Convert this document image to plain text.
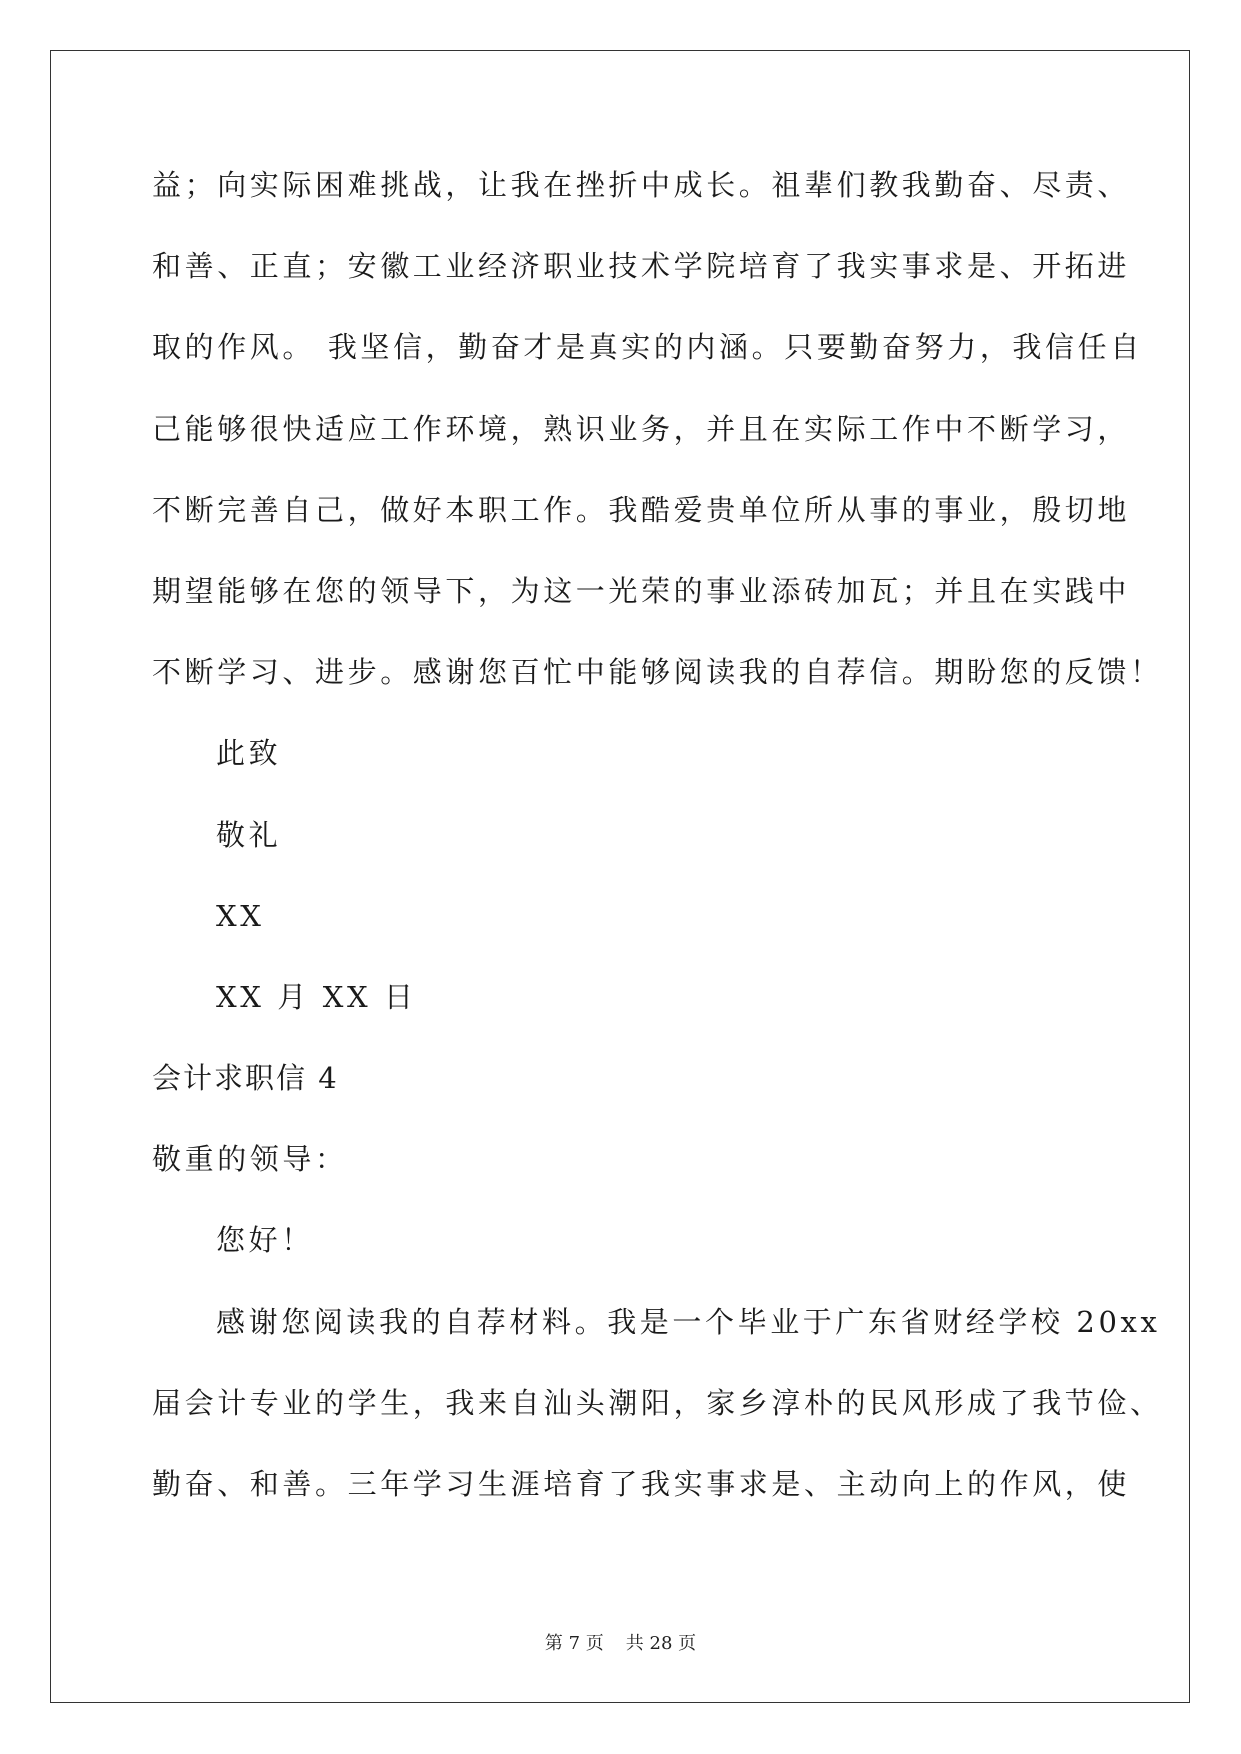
益；向实际困难挑战，让我在挫折中成长。祖辈们教我勤奋、尽责、
和善、正直；安徽工业经济职业技术学院培育了我实事求是、开拓进
取的作风。 我坚信，勤奋才是真实的内涵。只要勤奋努力，我信任自
己能够很快适应工作环境，熟识业务，并且在实际工作中不断学习，
不断完善自己，做好本职工作。我酷爱贵单位所从事的事业，殷切地
期望能够在您的领导下，为这一光荣的事业添砖加瓦；并且在实践中
不断学习、进步。感谢您百忙中能够阅读我的自荐信。期盼您的反馈！
此致
敬礼
XX
XX 月 XX 日
会计求职信 4
敬重的领导：
您好！
感谢您阅读我的自荐材料。我是一个毕业于广东省财经学校 20xx
届会计专业的学生，我来自汕头潮阳，家乡淳朴的民风形成了我节俭、
勤奋、和善。三年学习生涯培育了我实事求是、主动向上的作风，使
第 7 页 共 28 页
